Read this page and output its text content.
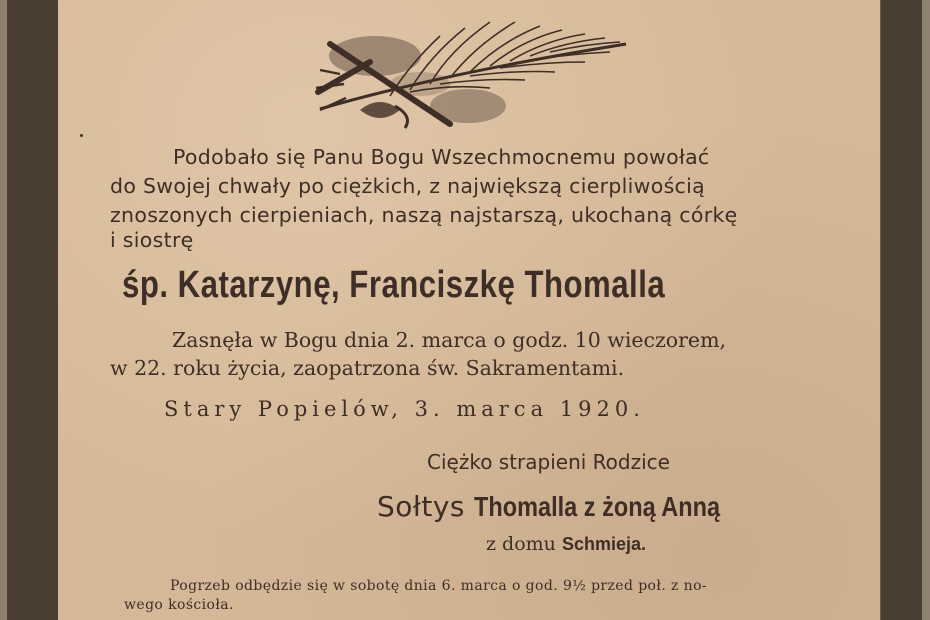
Podobało się Panu Bogu Wszechmocnemu powołać

do Swojej chwały po ciężkich, z największą cierpliwością

znoszonych cierpieniach, naszą najstarszą, ukochaną córkę

i siostrę

śp. Katarzynę, Franciszkę Thomalla

Zasnęła w Bogu dnia 2. marca o godz. 10 wieczorem,

w 22. roku życia, zaopatrzona św. Sakramentami.

Stary Popielów, 3. marca 1920.

Ciężko strapieni Rodzice

Sołtys Thomalla z żoną Anną

z domu Schmieja.

Pogrzeb odbędzie się w sobotę dnia 6. marca o god. 9½ przed poł. z no-

wego kościoła.
